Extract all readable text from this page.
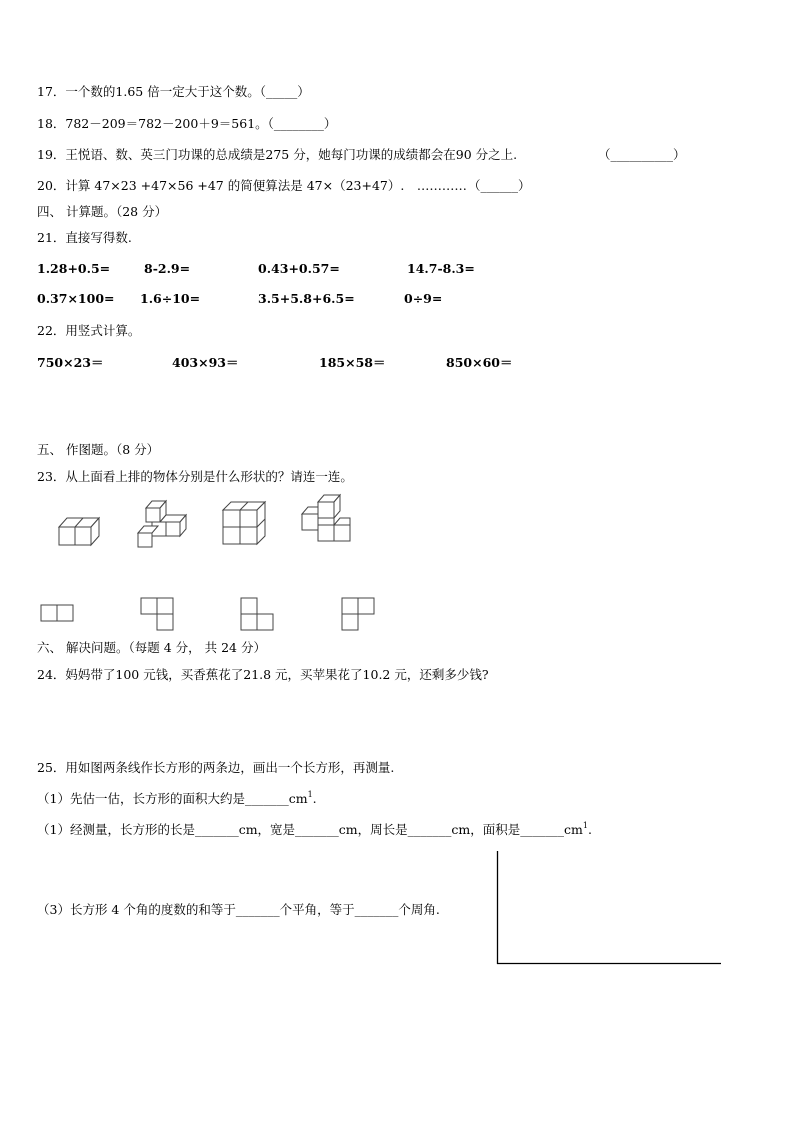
17．一个数的1.65 倍一定大于这个数。（_____）
18．782－209＝782－200＋9＝561。（________）
19．王悦语、数、英三门功课的总成绩是275 分，她每门功课的成绩都会在90 分之上.	（__________）
20．计算 47×23 +47×56 +47 的简便算法是 47×（23+47）.　………… （______）
四、 计算题。（28 分）
21．直接写得数.
1.28+0.5=	8-2.9=	0.43+0.57=	14.7-8.3=
0.37×100= 1.6÷10=	3.5+5.8+6.5=	0÷9=
22．用竖式计算。
750×23＝	403×93＝	185×58＝	850×60＝
五、 作图题。（8 分）
23．从上面看上排的物体分别是什么形状的？请连一连。
六、 解决问题。（每题 4 分， 共 24 分）
24．妈妈带了100 元钱，买香蕉花了21.8 元，买苹果花了10.2 元，还剩多少钱?
25．用如图两条线作长方形的两条边，画出一个长方形，再测量.
（1）先估一估，长方形的面积大约是$\_\_\_\_\_\_\_cm^1$.
（1）经测量，长方形的长是_______cm，宽是_______cm，周长是_______cm，面积是$\_\_\_\_\_\_\_cm^1$.
（3）长方形 4 个角的度数的和等于_______个平角，等于_______个周角.
